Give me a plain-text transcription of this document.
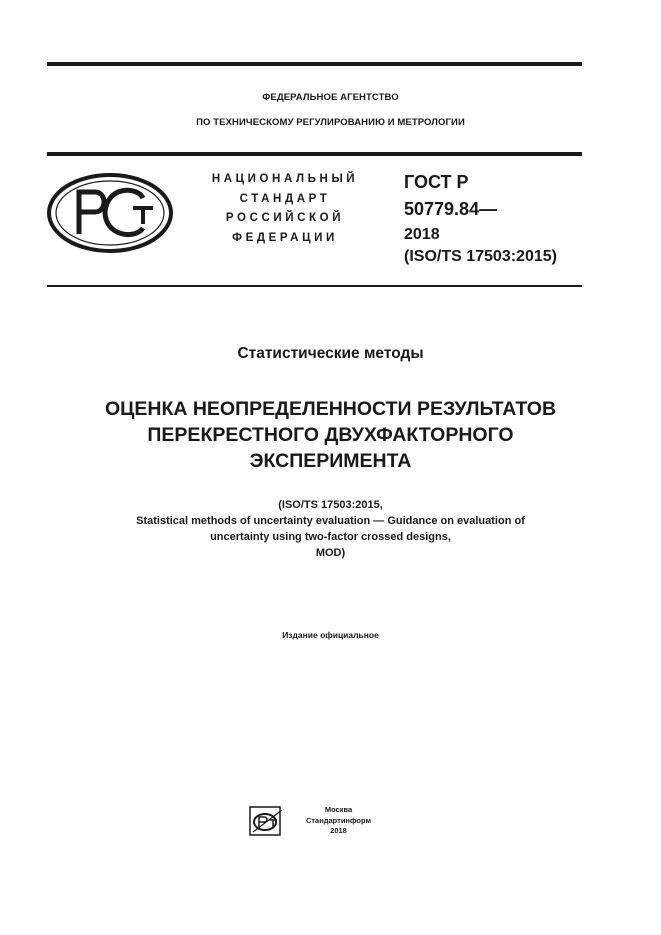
ФЕДЕРАЛЬНОЕ АГЕНТСТВО
ПО ТЕХНИЧЕСКОМУ РЕГУЛИРОВАНИЮ И МЕТРОЛОГИИ
НАЦИОНАЛЬНЫЙ
СТАНДАРТ
РОССИЙСКОЙ
ФЕДЕРАЦИИ
ГОСТ Р
50779.84—
2018
(ISO/TS 17503:2015)
Статистические методы
ОЦЕНКА НЕОПРЕДЕЛЕННОСТИ РЕЗУЛЬТАТОВ
ПЕРЕКРЕСТНОГО ДВУХФАКТОРНОГО
ЭКСПЕРИМЕНТА
(ISO/TS 17503:2015,
Statistical methods of uncertainty evaluation — Guidance on evaluation of
uncertainty using two-factor crossed designs,
MOD)
Издание официальное
Москва
Стандартинформ
2018
